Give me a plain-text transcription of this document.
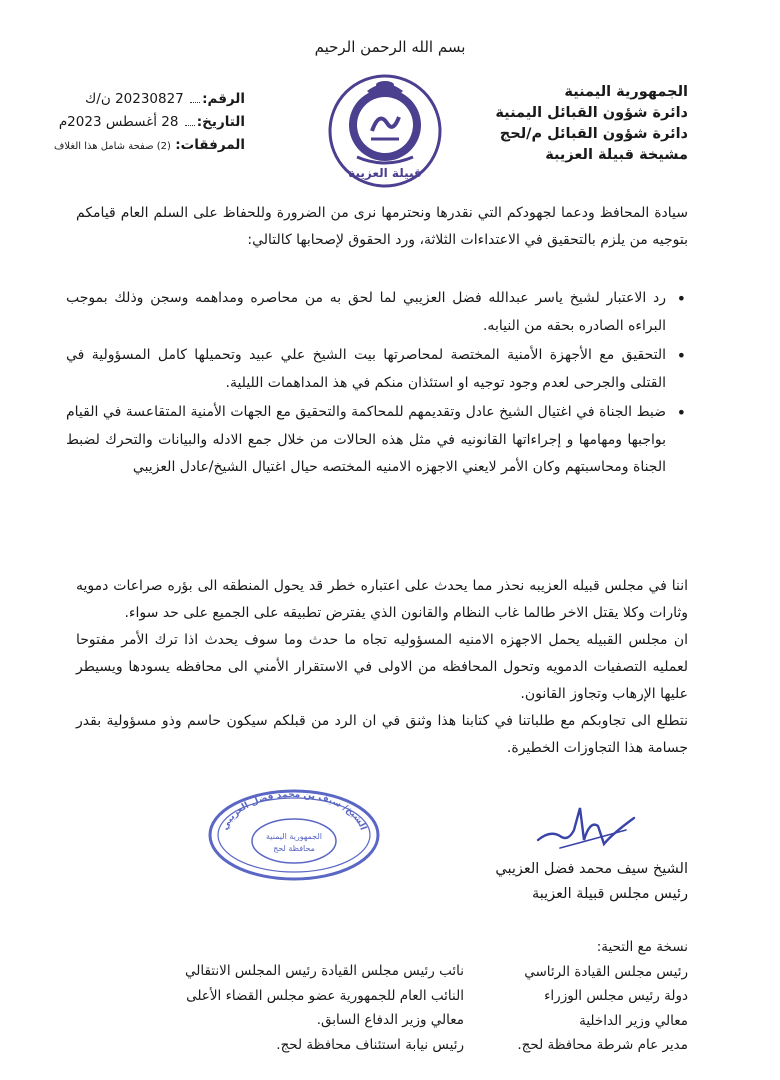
بسم الله الرحمن الرحيم
الجمهورية اليمنية
دائرة شؤون القبائل اليمنية
دائرة شؤون القبائل م/لحج
مشيخة قبيلة العزيبة
قبيلة العزيبة
الرقم: 20230827 ن/ك
التاريخ: 28 أغسطس 2023م
المرفقات: (2) صفحة شامل هذا الغلاف
سيادة المحافظ ودعما لجهودكم التي نقدرها ونحترمها نرى من الضرورة وللحفاظ على السلم العام قيامكم بتوجيه من يلزم بالتحقيق في الاعتداءات الثلاثة، ورد الحقوق لإصحابها كالتالي:
• رد الاعتبار لشيخ ياسر عبدالله فضل العزيبي لما لحق به من محاصره ومداهمه وسجن وذلك بموجب البراءه الصادره بحقه من النيابه.
• التحقيق مع الأجهزة الأمنية المختصة لمحاصرتها بيت الشيخ علي عبيد وتحميلها كامل المسؤولية في القتلى والجرحى لعدم وجود توجيه او استئذان منكم في هذ المداهمات الليلية.
• ضبط الجناة في اغتيال الشيخ عادل وتقديمهم للمحاكمة والتحقيق مع الجهات الأمنية المتقاعسة في القيام بواجبها ومهامها و إجراءاتها القانونيه في مثل هذه الحالات من خلال جمع الادله والبيانات والتحرك لضبط الجناة ومحاسبتهم وكان الأمر لايعني الاجهزه الامنيه المختصه حيال اغتيال الشيخ/عادل العزيبي

اننا في مجلس قبيله العزيبه نحذر مما يحدث على اعتباره خطر قد يحول المنطقه الى بؤره صراعات دمويه وثارات وكلا يقتل الاخر طالما غاب النظام والقانون الذي يفترض تطبيقه على الجميع على حد سواء.

ان مجلس القبيله يحمل الاجهزه الامنيه المسؤوليه تجاه ما حدث وما سوف يحدث اذا ترك الأمر مفتوحا لعمليه التصفيات الدمويه وتحول المحافظه من الاولى في الاستقرار الأمني الى محافظه يسودها ويسيطر عليها الإرهاب وتجاوز القانون.

نتطلع الى تجاوبكم مع طلباتنا في كتابنا هذا وثنق في ان الرد من قبلكم سيكون حاسم وذو مسؤولية بقدر جسامة هذا التجاوزات الخطيرة.

الشيخ/ سيف بن محمد فضل العزيبي
الجمهورية اليمنية
محافظة لحج
الشيخ سيف محمد فضل العزيبي
رئيس مجلس قبيلة العزيبة
نسخة مع التحية:
رئيس مجلس القيادة الرئاسي
دولة رئيس مجلس الوزراء
معالي وزير الداخلية
مدير عام شرطة محافظة لحج.
نائب رئيس مجلس القيادة رئيس المجلس الانتقالي
النائب العام للجمهورية عضو مجلس القضاء الأعلى
معالي وزير الدفاع السابق.
رئيس نيابة استئناف محافظة لحج.
